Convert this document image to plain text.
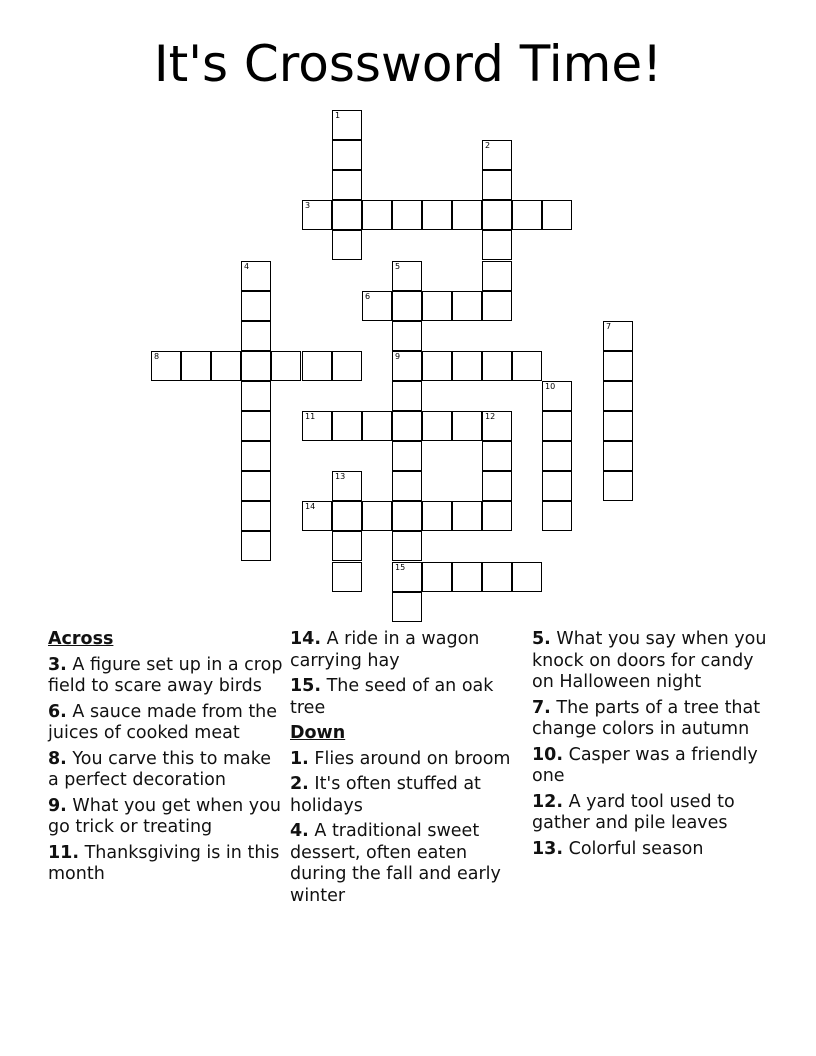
It's Crossword Time!
1
2
3
4	5
9
15
6
7
8
10
11	12
13
14
Across
3. A figure set up in a crop field to scare away birds
6. A sauce made from the juices of cooked meat
8. You carve this to make a perfect decoration
9. What you get when you go trick or treating
11. Thanksgiving is in this month
14. A ride in a wagon carrying hay
15. The seed of an oak tree
Down
1. Flies around on broom
2. It's often stuffed at holidays
4. A traditional sweet dessert, often eaten during the fall and early winter
5. What you say when you knock on doors for candy on Halloween night
7. The parts of a tree that change colors in autumn
10. Casper was a friendly one
12. A yard tool used to gather and pile leaves
13. Colorful season
